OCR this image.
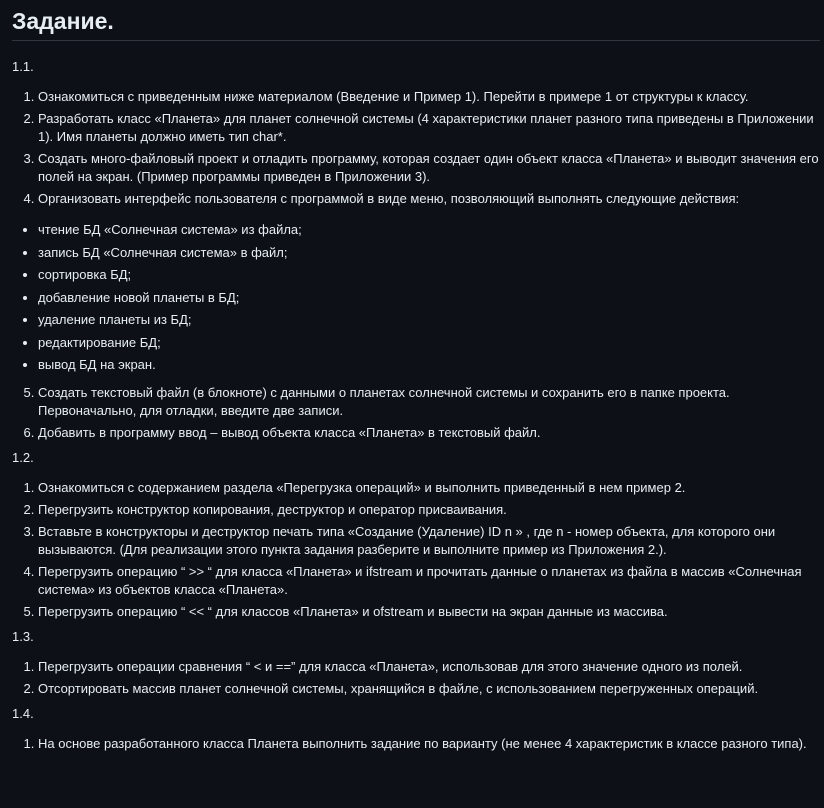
Задание.

1.1.

1. Ознакомиться с приведенным ниже материалом (Введение и Пример 1). Перейти в примере 1 от структуры к классу.
2. Разработать класс «Планета» для планет солнечной системы (4 характеристики планет разного типа приведены в Приложении 1). Имя планеты должно иметь тип char*.
3. Создать много-файловый проект и отладить программу, которая создает один объект класса «Планета» и выводит значения его полей на экран. (Пример программы приведен в Приложении 3).
4. Организовать интерфейс пользователя с программой в виде меню, позволяющий выполнять следующие действия:
• чтение БД «Солнечная система» из файла;
• запись БД «Солнечная система» в файл;
• сортировка БД;
• добавление новой планеты в БД;
• удаление планеты из БД;
• редактирование БД;
• вывод БД на экран.
5. Создать текстовый файл (в блокноте) с данными о планетах солнечной системы и сохранить его в папке проекта. Первоначально, для отладки, введите две записи.
6. Добавить в программу ввод – вывод объекта класса «Планета» в текстовый файл.

1.2.

1. Ознакомиться с содержанием раздела «Перегрузка операций» и выполнить приведенный в нем пример 2.
2. Перегрузить конструктор копирования, деструктор и оператор присваивания.
3. Вставьте в конструкторы и деструктор печать типа «Создание (Удаление) ID n » , где n - номер объекта, для которого они вызываются. (Для реализации этого пункта задания разберите и выполните пример из Приложения 2.).
4. Перегрузить операцию “ >> “ для класса «Планета» и ifstream и прочитать данные о планетах из файла в массив «Солнечная система» из объектов класса «Планета».
5. Перегрузить операцию “ << “ для классов «Планета» и ofstream и вывести на экран данные из массива.

1.3.

1. Перегрузить операции сравнения “ < и ==” для класса «Планета», использовав для этого значение одного из полей.
2. Отсортировать массив планет солнечной системы, хранящийся в файле, с использованием перегруженных операций.

1.4.

1. На основе разработанного класса Планета выполнить задание по варианту (не менее 4 характеристик в классе разного типа).
